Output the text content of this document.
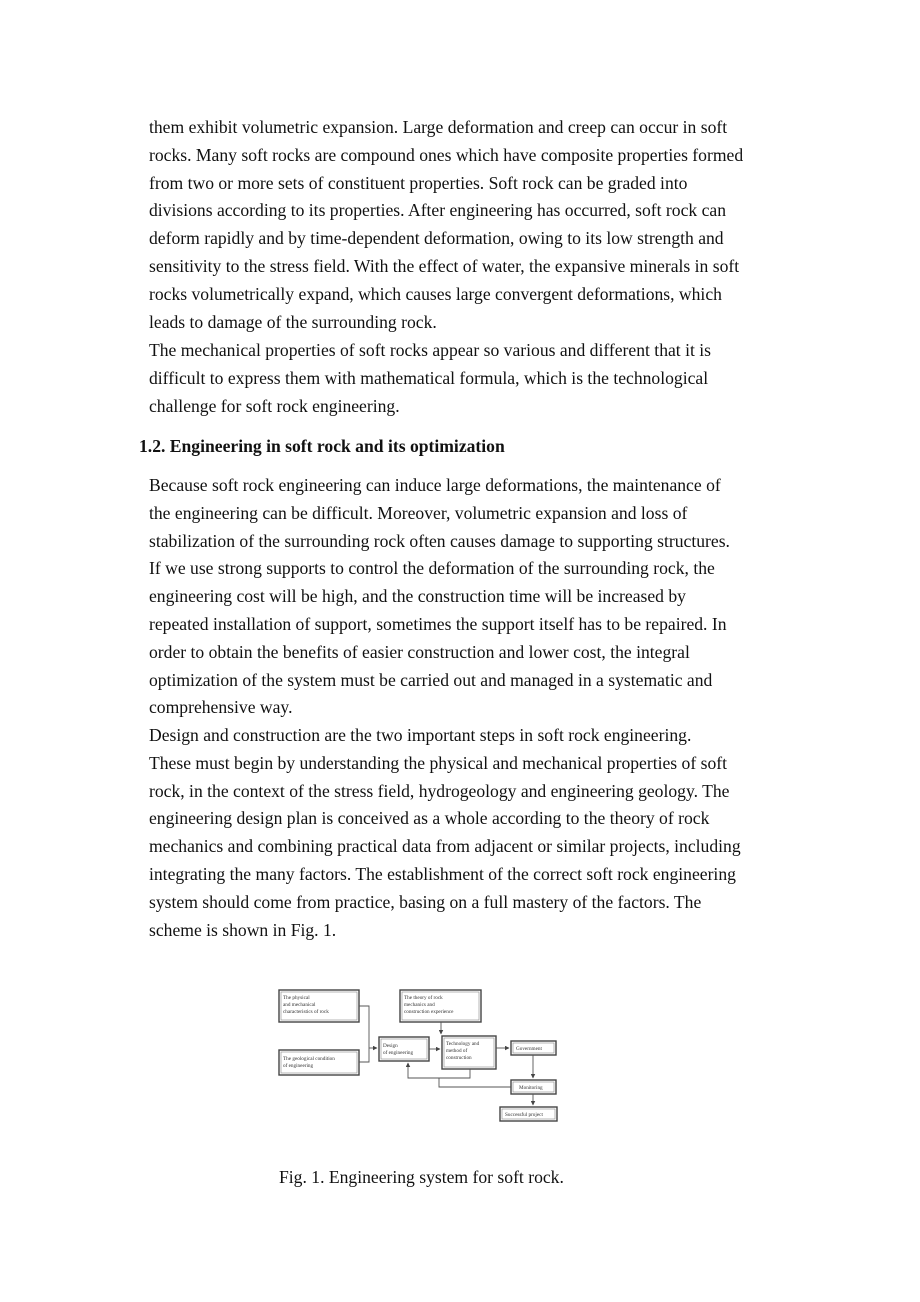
them exhibit volumetric expansion. Large deformation and creep can occur in soft
rocks. Many soft rocks are compound ones which have composite properties formed
from two or more sets of constituent properties. Soft rock can be graded into
divisions according to its properties. After engineering has occurred, soft rock can
deform rapidly and by time-dependent deformation, owing to its low strength and
sensitivity to the stress field. With the effect of water, the expansive minerals in soft
rocks volumetrically expand, which causes large convergent deformations, which
leads to damage of the surrounding rock.

The mechanical properties of soft rocks appear so various and different that it is
difficult to express them with mathematical formula, which is the technological
challenge for soft rock engineering.

1.2. Engineering in soft rock and its optimization

Because soft rock engineering can induce large deformations, the maintenance of
the engineering can be difficult. Moreover, volumetric expansion and loss of
stabilization of the surrounding rock often causes damage to supporting structures.
If we use strong supports to control the deformation of the surrounding rock, the
engineering cost will be high, and the construction time will be increased by
repeated installation of support, sometimes the support itself has to be repaired. In
order to obtain the benefits of easier construction and lower cost, the integral
optimization of the system must be carried out and managed in a systematic and
comprehensive way.

Design and construction are the two important steps in soft rock engineering.
These must begin by understanding the physical and mechanical properties of soft
rock, in the context of the stress field, hydrogeology and engineering geology. The
engineering design plan is conceived as a whole according to the theory of rock
mechanics and combining practical data from adjacent or similar projects, including
integrating the many factors. The establishment of the correct soft rock engineering
system should come from practice, basing on a full mastery of the factors. The
scheme is shown in Fig. 1.

The physical
and mechanical
characteristics of rock
The geological condition
of engineering
The theory of rock
mechanics and
construction experience
Design
of engineering
Technology and
method of
construction
Government
Monitoring
Successful project

Fig. 1. Engineering system for soft rock.
